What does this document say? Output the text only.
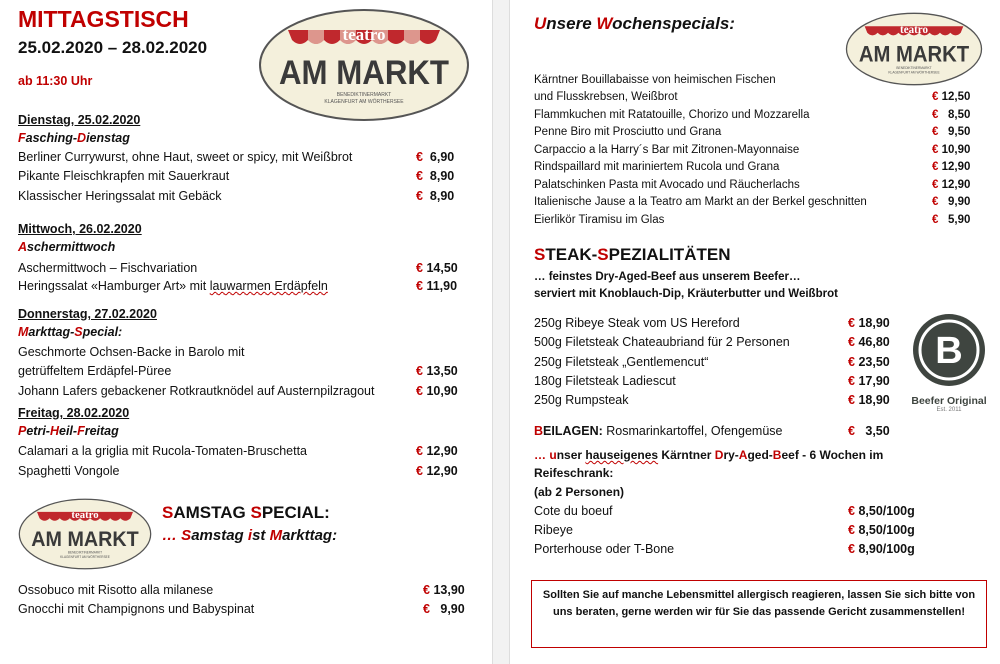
MITTAGSTISCH
25.02.2020 – 28.02.2020
ab 11:30 Uhr
teatro
AM MARKT
BENEDIKTINERMARKT
KLAGENFURT AM WÖRTHERSEE
Dienstag, 25.02.2020
Fasching-Dienstag
Berliner Currywurst, ohne Haut, sweet or spicy, mit Weißbrot	€ 6,90
Pikante Fleischkrapfen mit Sauerkraut	€ 8,90
Klassischer Heringssalat mit Gebäck	€ 8,90
Mittwoch, 26.02.2020
Aschermittwoch
Aschermittwoch – Fischvariation	€ 14,50
Heringssalat «Hamburger Art» mit lauwarmen Erdäpfeln	€ 11,90
Donnerstag, 27.02.2020
Markttag-Special:
Geschmorte Ochsen-Backe in Barolo mit
getrüffeltem Erdäpfel-Püree	€ 13,50
Johann Lafers gebackener Rotkrautknödel auf Austernpilzragout	€ 10,90
Freitag, 28.02.2020
Petri-Heil-Freitag
Calamari a la griglia mit Rucola-Tomaten-Bruschetta	€ 12,90
Spaghetti Vongole	€ 12,90
teatro
AM MARKT
BENEDIKTINERMARKT
KLAGENFURT AM WÖRTHERSEE
SAMSTAG SPECIAL:
… Samstag ist Markttag:
Ossobuco mit Risotto alla milanese	€ 13,90
Gnocchi mit Champignons und Babyspinat	€ 9,90
Unsere Wochenspecials:	teatro
AM MARKT
BENEDIKTINERMARKT
KLAGENFURT AM WÖRTHERSEE
Kärntner Bouillabaisse von heimischen Fischen
und Flusskrebsen, Weißbrot	€ 12,50
Flammkuchen mit Ratatouille, Chorizo und Mozzarella	€ 8,50
Penne Biro mit Prosciutto und Grana	€ 9,50
Carpaccio a la Harry´s Bar mit Zitronen-Mayonnaise	€ 10,90
Rindspaillard mit mariniertem Rucola und Grana	€ 12,90
Palatschinken Pasta mit Avocado und Räucherlachs	€ 12,90
Italienische Jause a la Teatro am Markt an der Berkel geschnitten	€ 9,90
Eierlikör Tiramisu im Glas	€ 5,90
STEAK-SPEZIALITÄTEN
… feinstes Dry-Aged-Beef aus unserem Beefer…
serviert mit Knoblauch-Dip, Kräuterbutter und Weißbrot
250g Ribeye Steak vom US Hereford	€ 18,90
500g Filetsteak Chateaubriand für 2 Personen	€ 46,80
250g Filetsteak „Gentlemencut“	€ 23,50
180g Filetsteak Ladiescut	€ 17,90
250g Rumpsteak	€ 18,90
B
Beefer Original
Est. 2011
BEILAGEN: Rosmarinkartoffel, Ofengemüse	€ 3,50
… unser hauseigenes Kärntner Dry-Aged-Beef - 6 Wochen im
Reifeschrank:
(ab 2 Personen)
Cote du boeuf	€ 8,50/100g
Ribeye	€ 8,50/100g
Porterhouse oder T-Bone	€ 8,90/100g
Sollten Sie auf manche Lebensmittel allergisch reagieren, lassen Sie sich bitte von uns beraten, gerne werden wir für Sie das passende Gericht zusammenstellen!
